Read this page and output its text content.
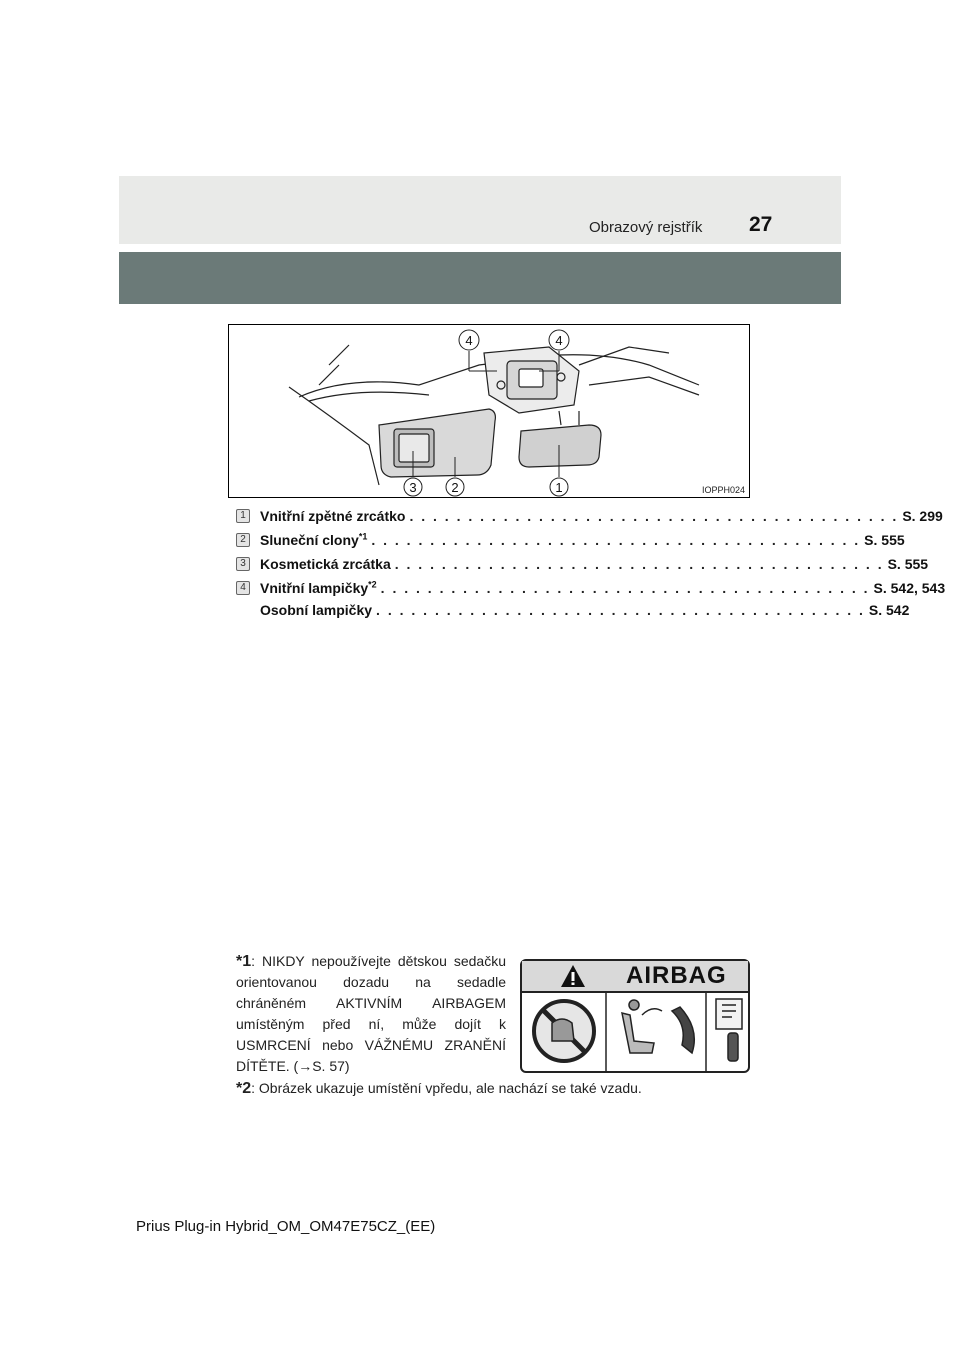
Obrazový rejstřík 27
4	4
3	2	1	IOPPH024
1	Vnitřní zpětné zrcátko . . . . . . . . . . . . . . . . . . . . . . . . . . . . . . . . . . . . . . . . . . S. 299
2	Sluneční clony$^{*1}$ . . . . . . . . . . . . . . . . . . . . . . . . . . . . . . . . . . . . . . . . . . S. 555
3	Kosmetická zrcátka . . . . . . . . . . . . . . . . . . . . . . . . . . . . . . . . . . . . . . . . . . S. 555
4	Vnitřní lampičky$^{*2}$ . . . . . . . . . . . . . . . . . . . . . . . . . . . . . . . . . . . . . . . . . . S. 542, 543
Osobní lampičky . . . . . . . . . . . . . . . . . . . . . . . . . . . . . . . . . . . . . . . . . . S. 542
*1: NIKDY nepoužívejte dětskou sedačku orientovanou dozadu na sedadle chráněném AKTIVNÍM AIRBAGEM umístěným před ní, může dojít k USMRCENÍ nebo VÁŽNÉMU ZRANĚNÍ DÍTĚTE. (→S. 57)
AIRBAG
*2: Obrázek ukazuje umístění vpředu, ale nachází se také vzadu.
Prius Plug-in Hybrid_OM_OM47E75CZ_(EE)
